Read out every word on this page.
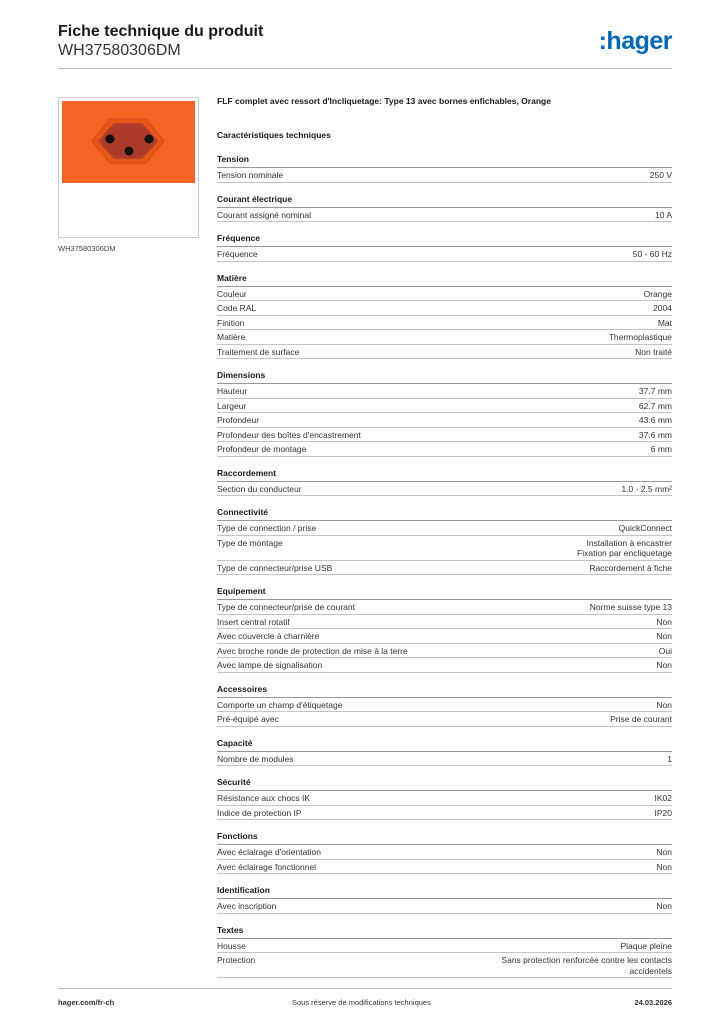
Fiche technique du produit
WH37580306DM	:hager
WH37580306DM
FLF complet avec ressort d'Incliquetage: Type 13 avec bornes enfichables, Orange
Caractéristiques techniques
Tension
Tension nominale	250 V
Courant électrique
Courant assigné nominal	10 A
Fréquence
Fréquence	50 - 60 Hz
Matière
Couleur	Orange
Code RAL	2004
Finition	Mat
Matière	Thermoplastique
Traitement de surface	Non traité
Dimensions
Hauteur	37.7 mm
Largeur	62.7 mm
Profondeur	43.6 mm
Profondeur des boîtes d'encastrement	37.6 mm
Profondeur de montage	6 mm
Raccordement
Section du conducteur	1.0 - 2.5 mm²
Connectivité
Type de connection / prise	QuickConnect
Type de montage	Installation à encastrer
Fixation par encliquetage
Type de connecteur/prise USB	Raccordement à fiche
Equipement
Type de connecteur/prise de courant	Norme suisse type 13
Insert central rotatif	Non
Avec couvercle à charnière	Non
Avec broche ronde de protection de mise à la terre	Oui
Avec lampe de signalisation	Non
Accessoires
Comporte un champ d'étiquetage	Non
Pré-équipé avec	Prise de courant
Capacité
Nombre de modules	1
Sécurité
Résistance aux chocs IK	IK02
Indice de protection IP	IP20
Fonctions
Avec éclairage d'orientation	Non
Avec éclairage fonctionnel	Non
Identification
Avec inscription	Non
Textes
Housse	Plaque pleine
Protection	Sans protection renforcée contre les contacts
accidentels
hager.com/fr-ch	Sous réserve de modifications techniques	24.03.2026
